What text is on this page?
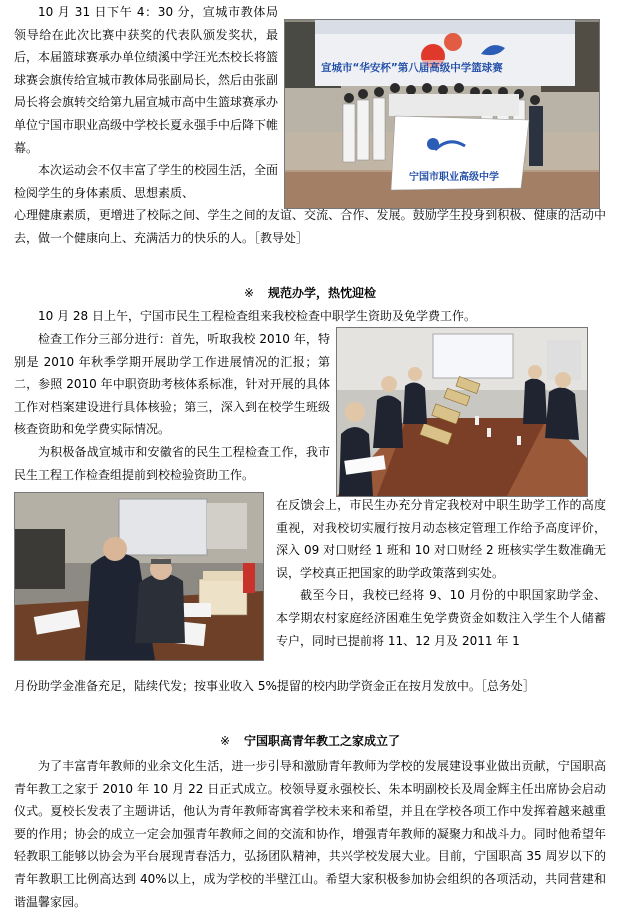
10 月 31 日下午 4：30 分，宣城市教体局领导给在此次比赛中获奖的代表队颁发奖状，最后，本届篮球赛承办单位绩溪中学汪光杰校长将篮球赛会旗传给宣城市教体局张副局长，然后由张副局长将会旗转交给第九届宣城市高中生篮球赛承办单位宁国市职业高级中学校长夏永强手中后降下帷幕。

本次运动会不仅丰富了学生的校园生活，全面检阅学生的身体素质、思想素质、

宣城市“华安杯”第八届高级中学篮球赛
宁国市职业高级中学

心理健康素质，更增进了校际之间、学生之间的友谊、交流、合作、发展。鼓励学生投身到积极、健康的活动中去，做一个健康向上、充满活力的快乐的人。［教导处］

※ 规范办学，热忱迎检

10 月 28 日上午，宁国市民生工程检查组来我校检查中职学生资助及免学费工作。

检查工作分三部分进行：首先，听取我校 2010 年，特别是 2010 年秋季学期开展助学工作进展情况的汇报；第二，参照 2010 年中职资助考核体系标准，针对开展的具体工作对档案建设进行具体核验；第三，深入到在校学生班级核查资助和免学费实际情况。

为积极备战宣城市和安徽省的民生工程检查工作，我市民生工程工作检查组提前到校检验资助工作。

在反馈会上，市民生办充分肯定我校对中职生助学工作的高度重视，对我校切实履行按月动态核定管理工作给予高度评价，深入 09 对口财经 1 班和 10 对口财经 2 班核实学生数准确无误，学校真正把国家的助学政策落到实处。

截至今日，我校已经将 9、10 月份的中职国家助学金、本学期农村家庭经济困难生免学费资金如数注入学生个人储蓄专户，同时已提前将 11、12 月及 2011 年 1

月份助学金准备充足，陆续代发；按事业收入 5%提留的校内助学资金正在按月发放中。［总务处］

※ 宁国职高青年教工之家成立了

为了丰富青年教师的业余文化生活，进一步引导和激励青年教师为学校的发展建设事业做出贡献，宁国职高青年教工之家于 2010 年 10 月 22 日正式成立。校领导夏永强校长、朱本明副校长及周金辉主任出席协会启动仪式。夏校长发表了主题讲话，他认为青年教师寄寓着学校未来和希望，并且在学校各项工作中发挥着越来越重要的作用；协会的成立一定会加强青年教师之间的交流和协作，增强青年教师的凝聚力和战斗力。同时他希望年轻教职工能够以协会为平台展现青春活力，弘扬团队精神，共兴学校发展大业。目前，宁国职高 35 周岁以下的青年教职工比例高达到 40%以上，成为学校的半壁江山。希望大家积极参加协会组织的各项活动，共同营建和谐温馨家园。
